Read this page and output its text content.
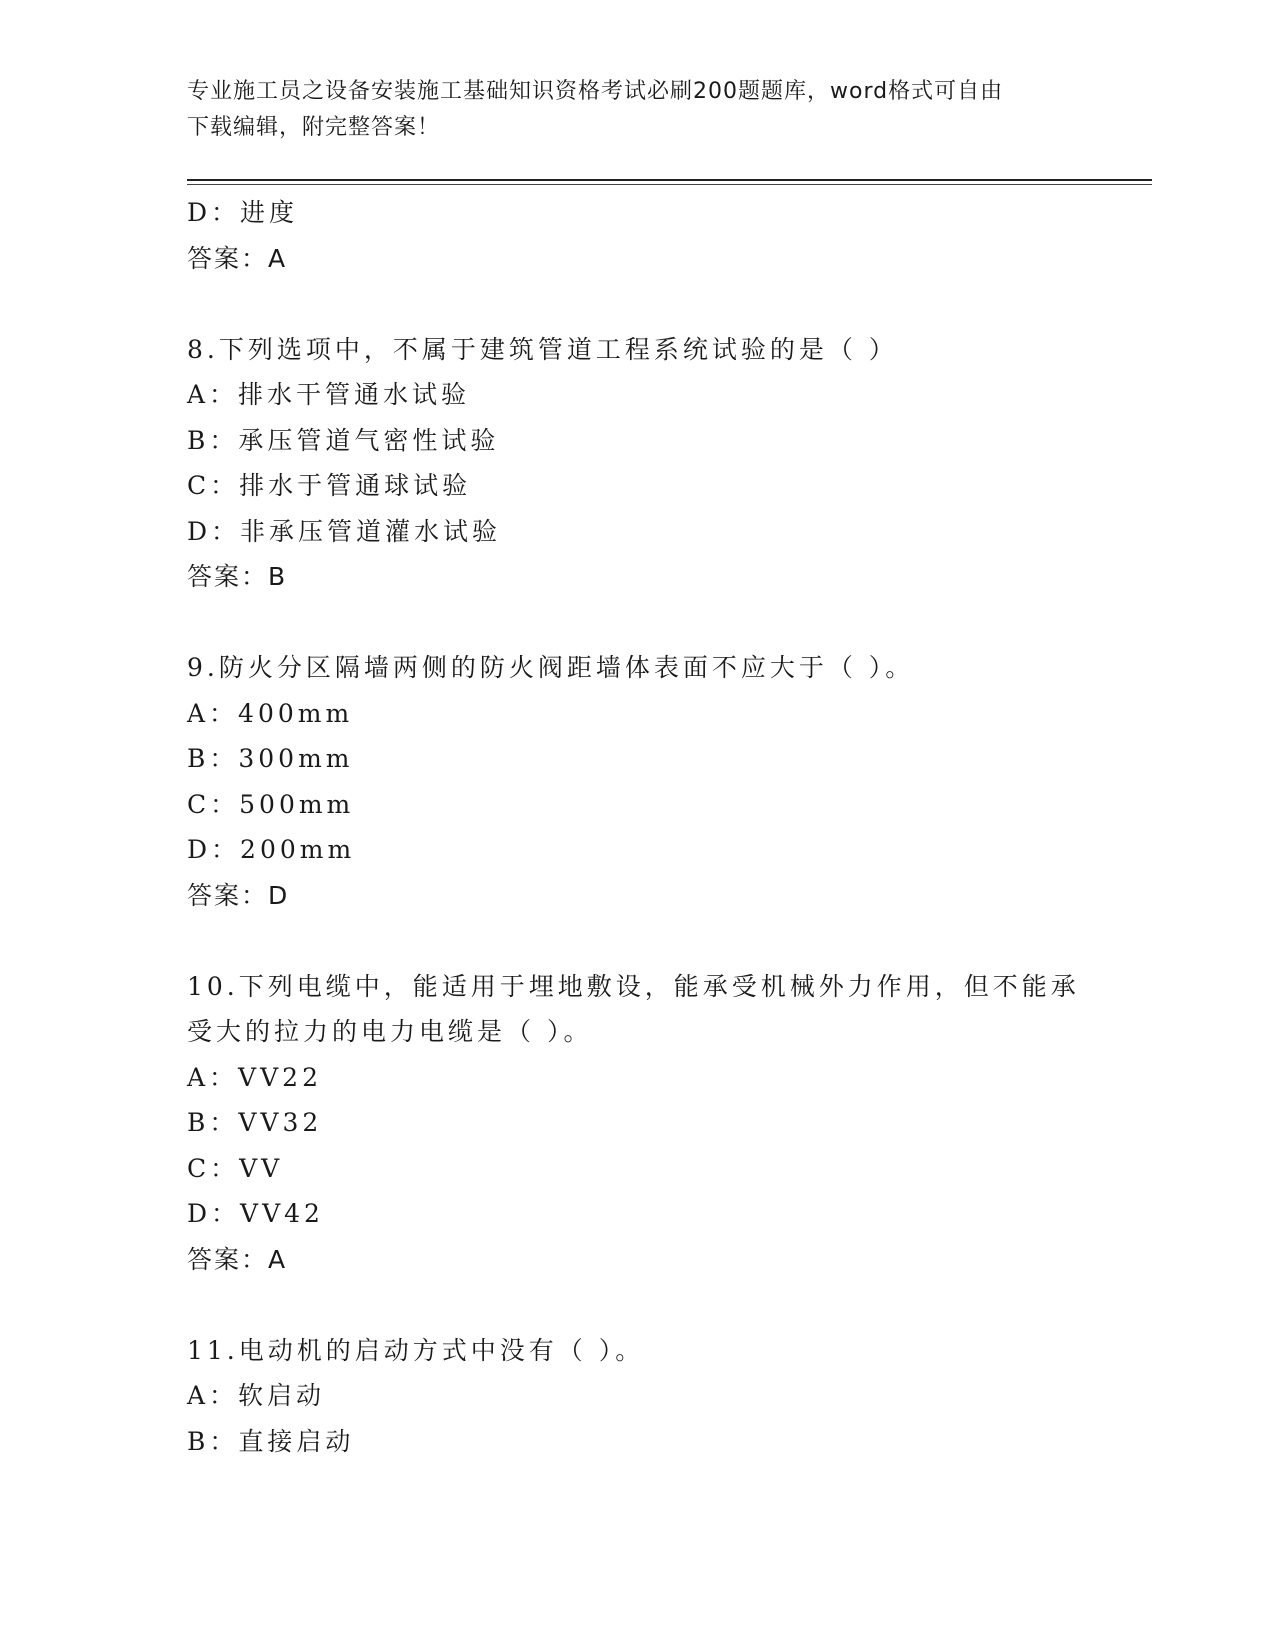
专业施工员之设备安装施工基础知识资格考试必刷200题题库，word格式可自由
下载编辑，附完整答案！
D：进度
答案：A
8.下列选项中，不属于建筑管道工程系统试验的是（ ）
A：排水干管通水试验
B：承压管道气密性试验
C：排水于管通球试验
D：非承压管道灌水试验
答案：B
9.防火分区隔墙两侧的防火阀距墙体表面不应大于（ ）。
A：400mm
B：300mm
C：500mm
D：200mm
答案：D
10.下列电缆中，能适用于埋地敷设，能承受机械外力作用，但不能承
受大的拉力的电力电缆是（ ）。
A：VV22
B：VV32
C：VV
D：VV42
答案：A
11.电动机的启动方式中没有（ ）。
A：软启动
B：直接启动
